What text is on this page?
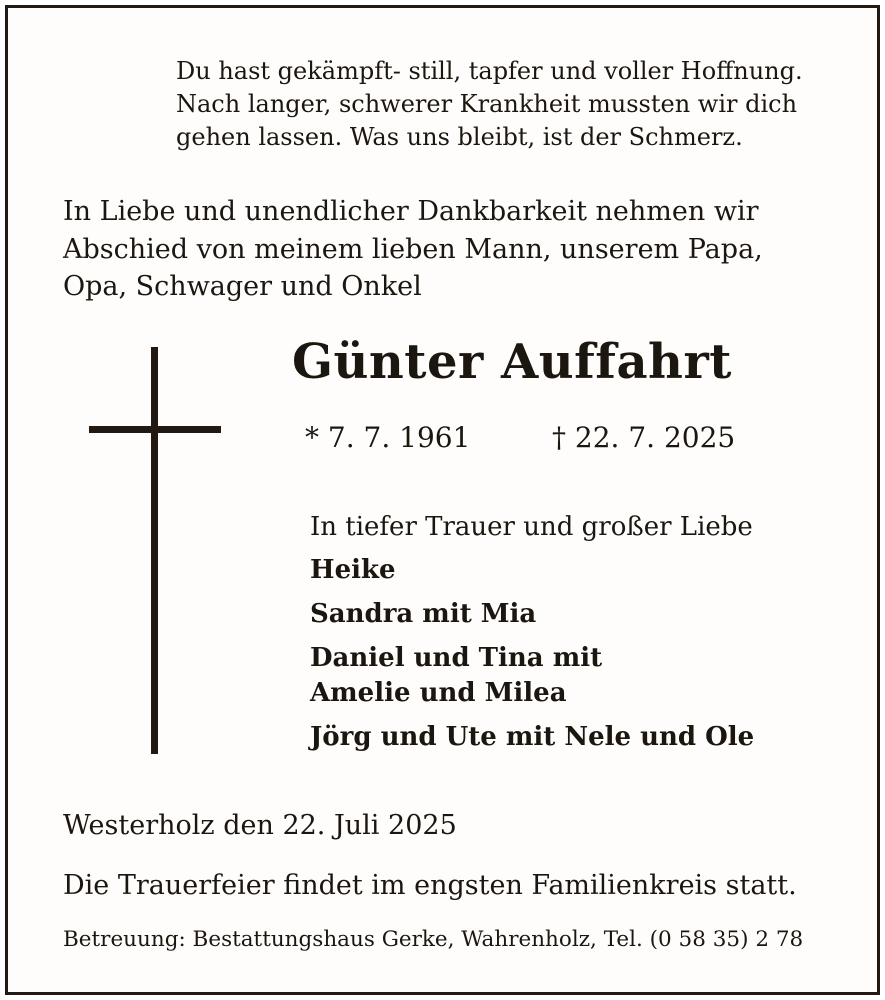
Du hast gekämpft- still, tapfer und voller Hoffnung.
Nach langer, schwerer Krankheit mussten wir dich
gehen lassen. Was uns bleibt, ist der Schmerz.
In Liebe und unendlicher Dankbarkeit nehmen wir
Abschied von meinem lieben Mann, unserem Papa,
Opa, Schwager und Onkel
Günter Auffahrt
* 7. 7. 1961	† 22. 7. 2025
In tiefer Trauer und großer Liebe
Heike
Sandra mit Mia
Daniel und Tina mit
Amelie und Milea
Jörg und Ute mit Nele und Ole
Westerholz den 22. Juli 2025
Die Trauerfeier findet im engsten Familienkreis statt.
Betreuung: Bestattungshaus Gerke, Wahrenholz, Tel. (0 58 35) 2 78
